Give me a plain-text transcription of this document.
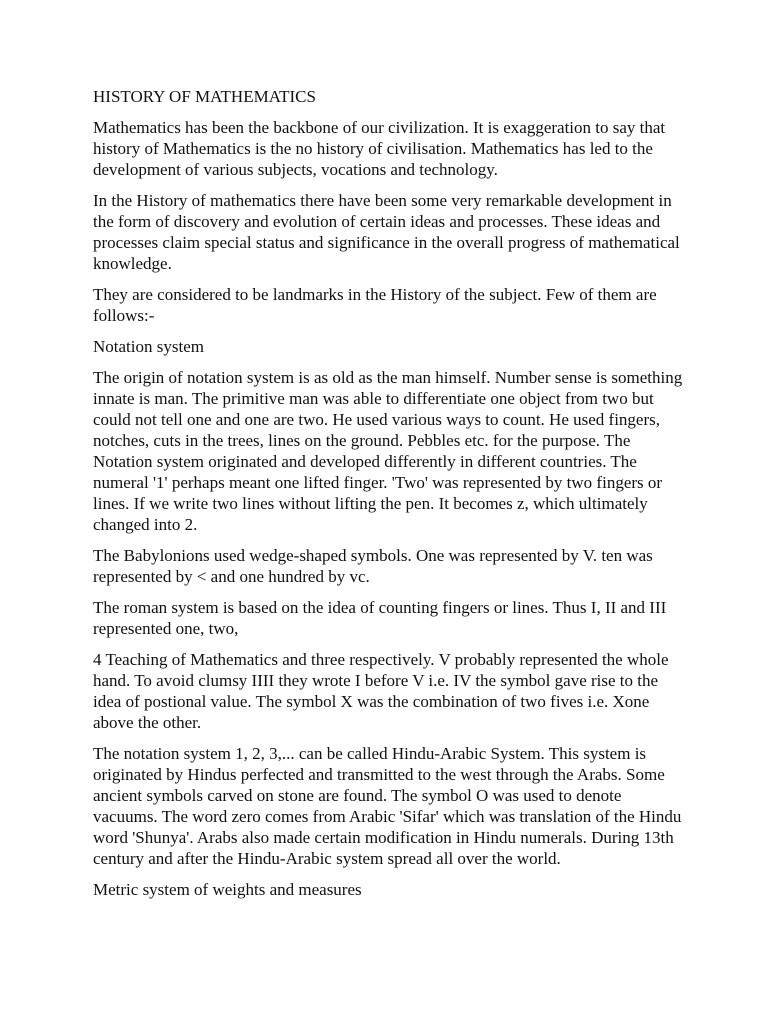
HISTORY OF MATHEMATICS

Mathematics has been the backbone of our civilization. It is exaggeration to say that history of Mathematics is the no history of civilisation. Mathematics has led to the development of various subjects, vocations and technology.

In the History of mathematics there have been some very remarkable development in the form of discovery and evolution of certain ideas and processes. These ideas and processes claim special status and significance in the overall progress of mathematical knowledge.

They are considered to be landmarks in the History of the subject. Few of them are follows:-

Notation system

The origin of notation system is as old as the man himself. Number sense is something innate is man. The primitive man was able to differentiate one object from two but could not tell one and one are two. He used various ways to count. He used fingers, notches, cuts in the trees, lines on the ground. Pebbles etc. for the purpose. The Notation system originated and developed differently in different countries. The numeral '1' perhaps meant one lifted finger. 'Two' was represented by two fingers or lines. If we write two lines without lifting the pen. It becomes z, which ultimately changed into 2.

The Babylonions used wedge-shaped symbols. One was represented by V. ten was represented by < and one hundred by vc.

The roman system is based on the idea of counting fingers or lines. Thus I, II and III represented one, two,

4 Teaching of Mathematics and three respectively. V probably represented the whole hand. To avoid clumsy IIII they wrote I before V i.e. IV the symbol gave rise to the idea of postional value. The symbol X was the combination of two fives i.e. Xone above the other.

The notation system 1, 2, 3,... can be called Hindu-Arabic System. This system is originated by Hindus perfected and transmitted to the west through the Arabs. Some ancient symbols carved on stone are found. The symbol O was used to denote vacuums. The word zero comes from Arabic 'Sifar' which was translation of the Hindu word 'Shunya'. Arabs also made certain modification in Hindu numerals. During 13th century and after the Hindu-Arabic system spread all over the world.

Metric system of weights and measures
